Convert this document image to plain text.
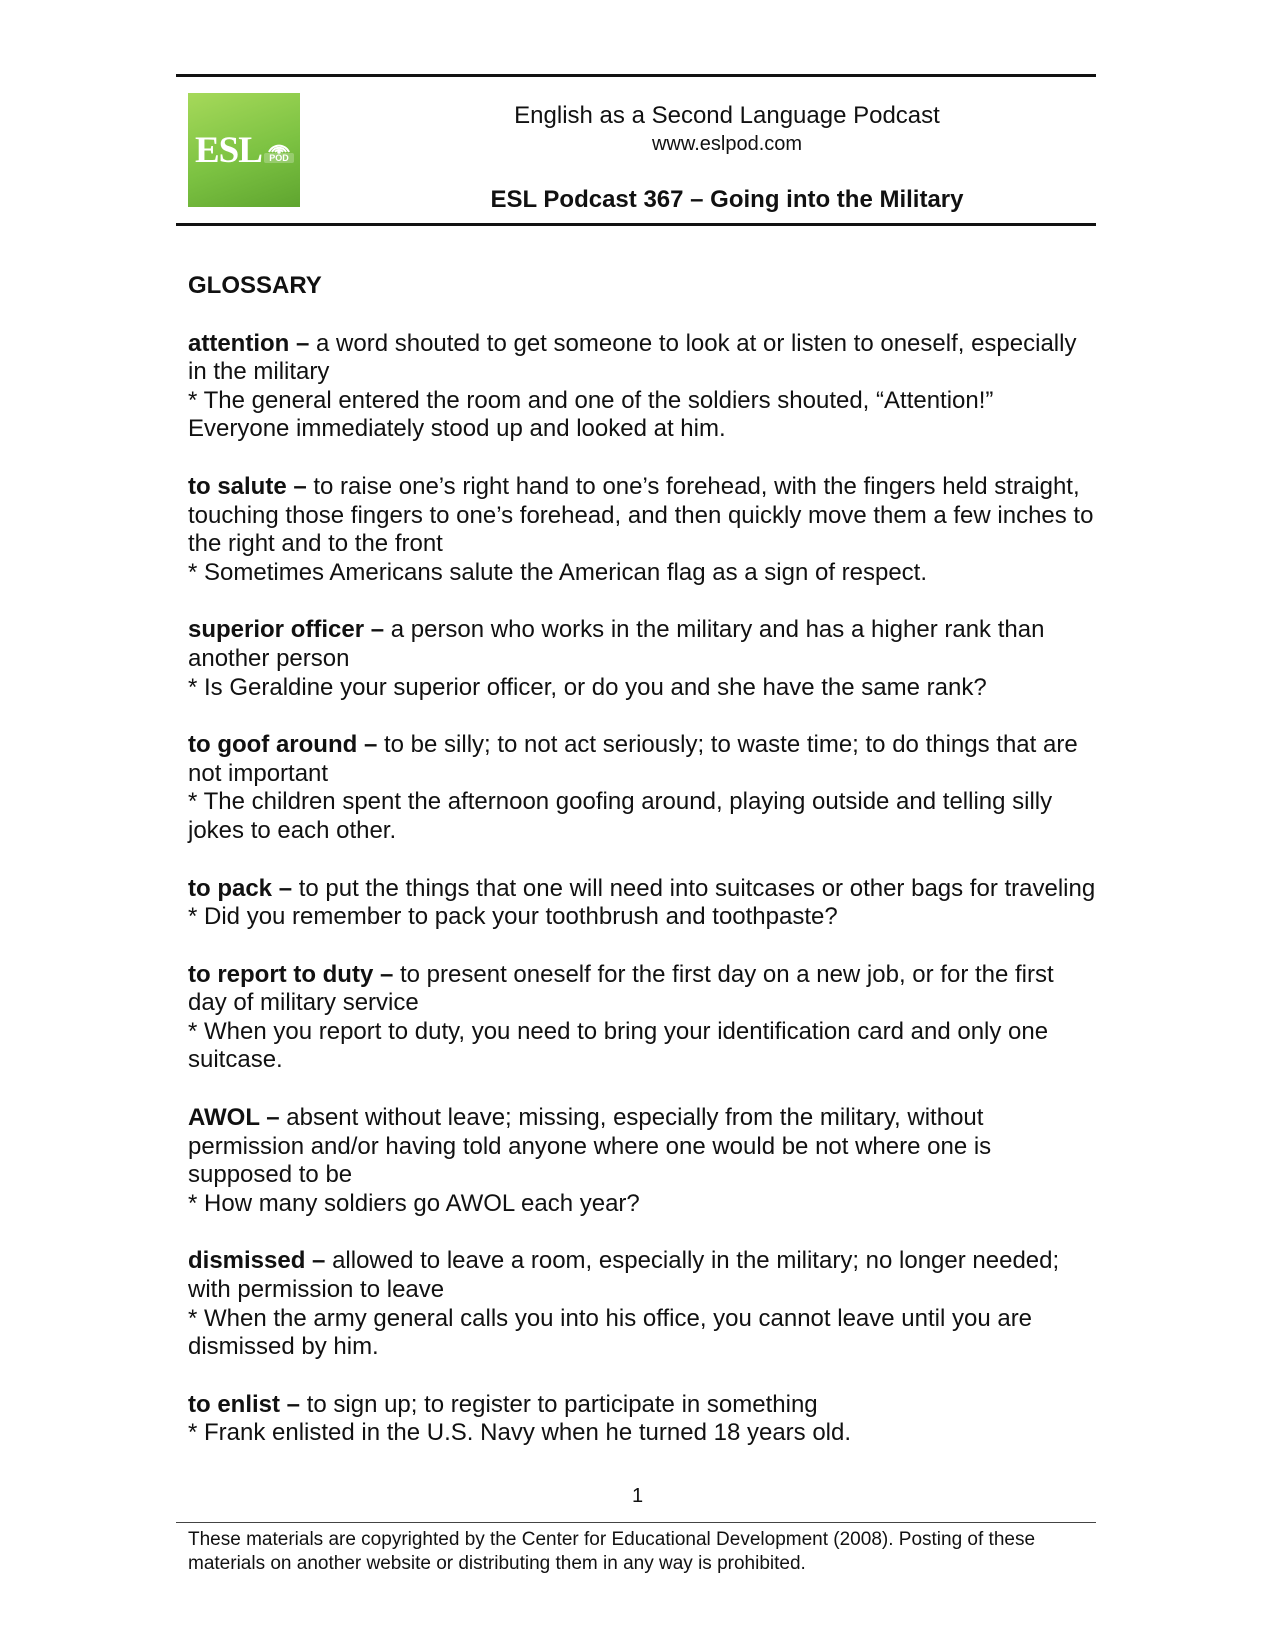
ESL POD
English as a Second Language Podcast
www.eslpod.com
ESL Podcast 367 – Going into the Military
GLOSSARY
attention – a word shouted to get someone to look at or listen to oneself, especially in the military
* The general entered the room and one of the soldiers shouted, “Attention!” Everyone immediately stood up and looked at him.
to salute – to raise one’s right hand to one’s forehead, with the fingers held straight, touching those fingers to one’s forehead, and then quickly move them a few inches to the right and to the front
* Sometimes Americans salute the American flag as a sign of respect.
superior officer – a person who works in the military and has a higher rank than another person
* Is Geraldine your superior officer, or do you and she have the same rank?
to goof around – to be silly; to not act seriously; to waste time; to do things that are not important
* The children spent the afternoon goofing around, playing outside and telling silly jokes to each other.
to pack – to put the things that one will need into suitcases or other bags for traveling
* Did you remember to pack your toothbrush and toothpaste?
to report to duty – to present oneself for the first day on a new job, or for the first day of military service
* When you report to duty, you need to bring your identification card and only one suitcase.
AWOL – absent without leave; missing, especially from the military, without permission and/or having told anyone where one would be not where one is supposed to be
* How many soldiers go AWOL each year?
dismissed – allowed to leave a room, especially in the military; no longer needed; with permission to leave
* When the army general calls you into his office, you cannot leave until you are dismissed by him.
to enlist – to sign up; to register to participate in something
* Frank enlisted in the U.S. Navy when he turned 18 years old.
1
These materials are copyrighted by the Center for Educational Development (2008). Posting of these materials on another website or distributing them in any way is prohibited.
